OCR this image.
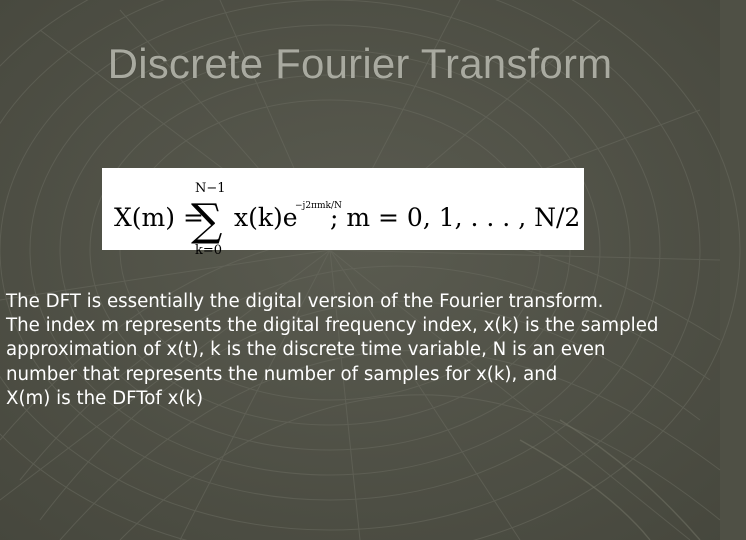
Discrete Fourier Transform
X(m) =
N−1
∑
k=0
x(k)e
−j2πmk/N
; m = 0, 1, . . . , N/2
The DFT is essentially the digital version of the Fourier transform.
The index m represents the digital frequency index, x(k) is the sampled
approximation of x(t), k is the discrete time variable, N is an even
number that represents the number of samples for x(k), and
X(m) is the DFTof x(k)
